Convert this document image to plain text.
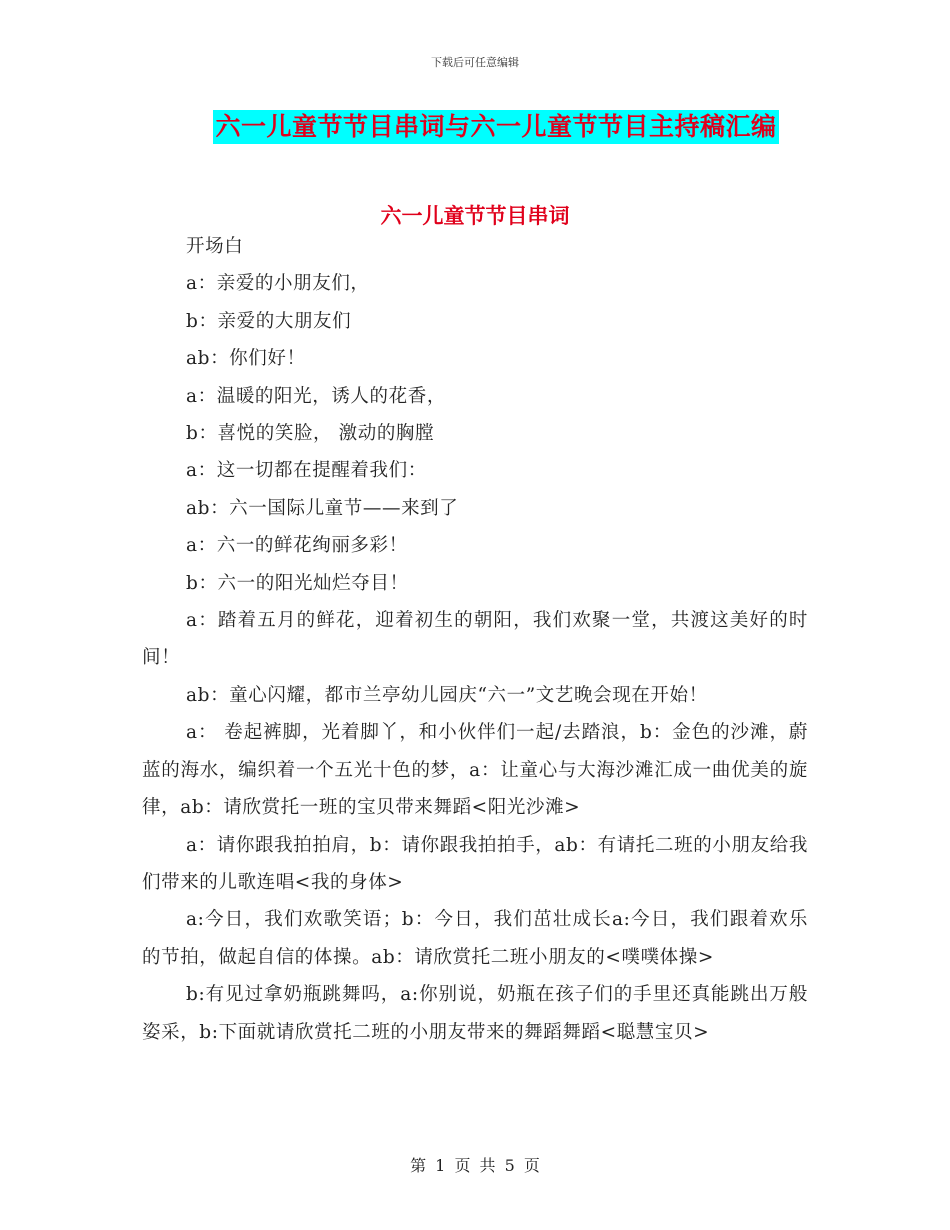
下载后可任意编辑
六一儿童节节目串词与六一儿童节节目主持稿汇编
六一儿童节节目串词

开场白

a：亲爱的小朋友们，

b：亲爱的大朋友们

ab：你们好！

a：温暖的阳光，诱人的花香，

b：喜悦的笑脸， 激动的胸膛

a：这一切都在提醒着我们：

ab：六一国际儿童节——来到了

a：六一的鲜花绚丽多彩！

b：六一的阳光灿烂夺目！

a：踏着五月的鲜花，迎着初生的朝阳，我们欢聚一堂，共渡这美好的时间！

ab：童心闪耀，都市兰亭幼儿园庆“六一”文艺晚会现在开始！

a： 卷起裤脚，光着脚丫，和小伙伴们一起/去踏浪，b：金色的沙滩，蔚蓝的海水，编织着一个五光十色的梦，a：让童心与大海沙滩汇成一曲优美的旋律，ab：请欣赏托一班的宝贝带来舞蹈<阳光沙滩>

a：请你跟我拍拍肩，b：请你跟我拍拍手，ab：有请托二班的小朋友给我们带来的儿歌连唱<我的身体>

a:今日，我们欢歌笑语；b：今日，我们茁壮成长a:今日，我们跟着欢乐的节拍，做起自信的体操。ab：请欣赏托二班小朋友的<噗噗体操>

b:有见过拿奶瓶跳舞吗，a:你别说，奶瓶在孩子们的手里还真能跳出万般姿采，b:下面就请欣赏托二班的小朋友带来的舞蹈舞蹈<聪慧宝贝>

第 1 页 共 5 页
